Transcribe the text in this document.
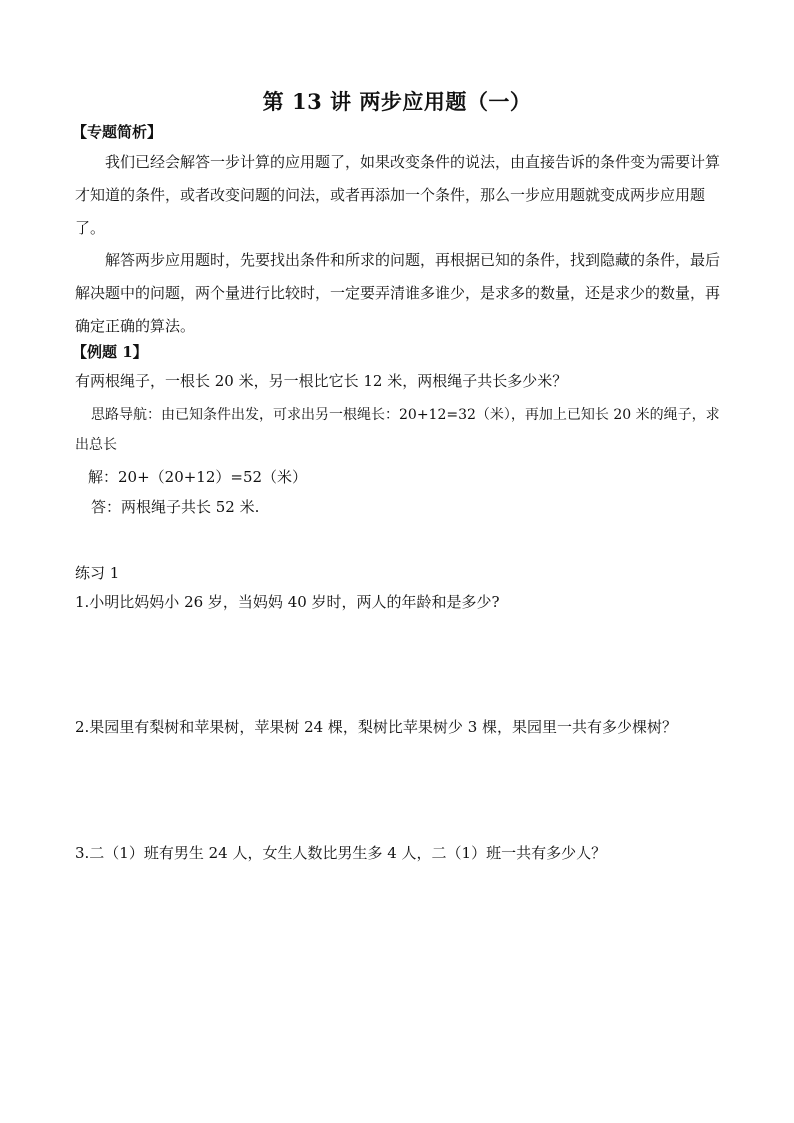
第 13 讲 两步应用题（一）
【专题简析】
我们已经会解答一步计算的应用题了，如果改变条件的说法，由直接告诉的条件变为需要计算才知道的条件，或者改变问题的问法，或者再添加一个条件，那么一步应用题就变成两步应用题了。
解答两步应用题时，先要找出条件和所求的问题，再根据已知的条件，找到隐藏的条件，最后解决题中的问题，两个量进行比较时，一定要弄清谁多谁少，是求多的数量，还是求少的数量，再确定正确的算法。
【例题 1】
有两根绳子，一根长 20 米，另一根比它长 12 米，两根绳子共长多少米？
思路导航：由已知条件出发，可求出另一根绳长：20+12=32（米），再加上已知长 20 米的绳子，求出总长
解：20+（20+12）=52（米）
答：两根绳子共长 52 米.
练习 1
1.小明比妈妈小 26 岁，当妈妈 40 岁时，两人的年龄和是多少?
2.果园里有梨树和苹果树，苹果树 24 棵，梨树比苹果树少 3 棵，果园里一共有多少棵树？
3.二（1）班有男生 24 人，女生人数比男生多 4 人，二（1）班一共有多少人？
